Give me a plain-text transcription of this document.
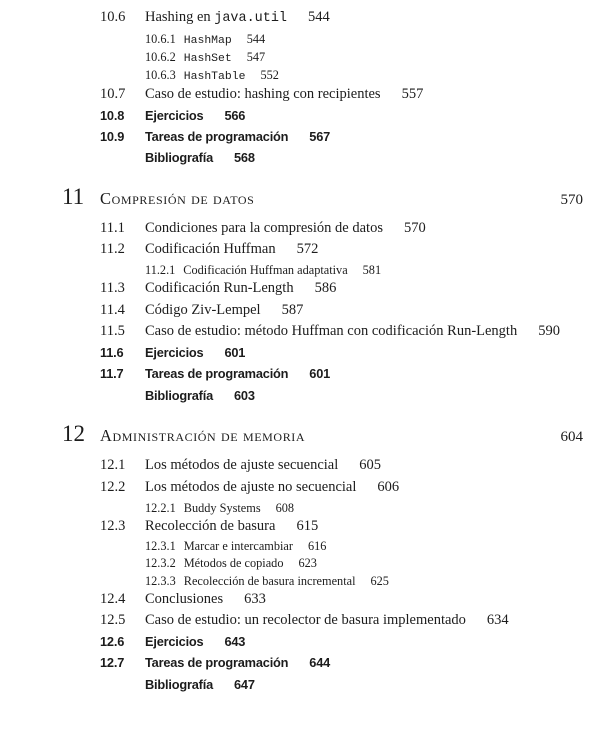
10.6	Hashing en java.util 544
10.6.1 HashMap 544
10.6.2 HashSet 547
10.6.3 HashTable 552
10.7	Caso de estudio: hashing con recipientes 557
10.8	Ejercicios 566
10.9	Tareas de programación 567
Bibliografía 568
11 Compresión de datos	570
11.1	Condiciones para la compresión de datos 570
11.2	Codificación Huffman 572
11.2.1 Codificación Huffman adaptativa 581
11.3	Codificación Run-Length 586
11.4	Código Ziv-Lempel 587
11.5	Caso de estudio: método Huffman con codificación Run-Length 590
11.6	Ejercicios 601
11.7	Tareas de programación 601
Bibliografía 603
12 Administración de memoria	604
12.1	Los métodos de ajuste secuencial 605
12.2	Los métodos de ajuste no secuencial 606
12.2.1 Buddy Systems 608
12.3	Recolección de basura 615
12.3.1 Marcar e intercambiar 616
12.3.2 Métodos de copiado 623
12.3.3 Recolección de basura incremental 625
12.4	Conclusiones 633
12.5	Caso de estudio: un recolector de basura implementado 634
12.6	Ejercicios 643
12.7	Tareas de programación 644
Bibliografía 647
